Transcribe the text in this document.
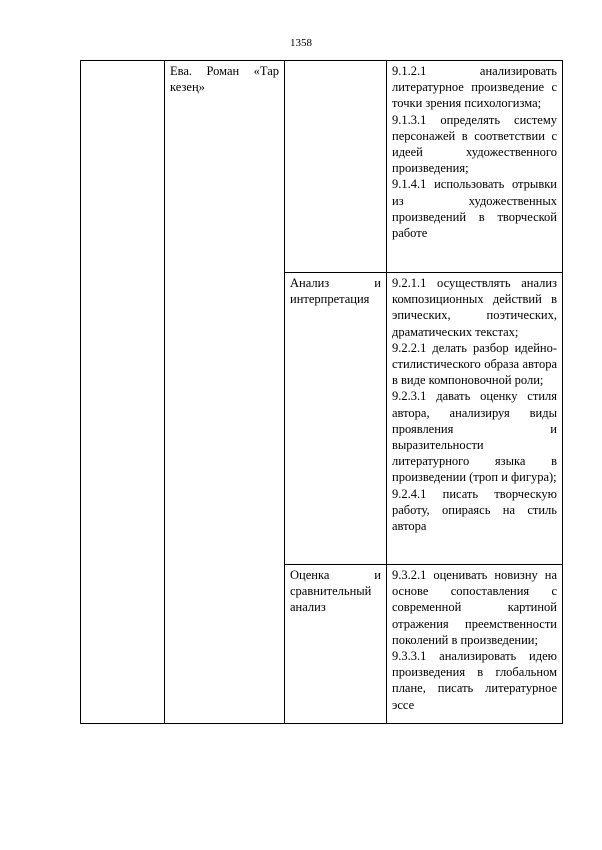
1358

	Ева. Роман «Тар кезең»		9.1.2.1 анализировать литературное произведение с точки зрения психологизма;
9.1.3.1 определять систему персонажей в соответствии с идеей художественного произведения;
9.1.4.1 использовать отрывки из художественных произведений в творческой работе

		Анализ и интерпретация	9.2.1.1 осуществлять анализ композиционных действий в эпических, поэтических, драматических текстах;
9.2.2.1 делать разбор идейно-стилистического образа автора в виде компоновочной роли;
9.2.3.1 давать оценку стиля автора, анализируя виды проявления и выразительности литературного языка в произведении (троп и фигура);
9.2.4.1 писать творческую работу, опираясь на стиль автора

		Оценка и сравнительный анализ	9.3.2.1 оценивать новизну на основе сопоставления с современной картиной отражения преемственности поколений в произведении;
9.3.3.1 анализировать идею произведения в глобальном плане, писать литературное эссе
